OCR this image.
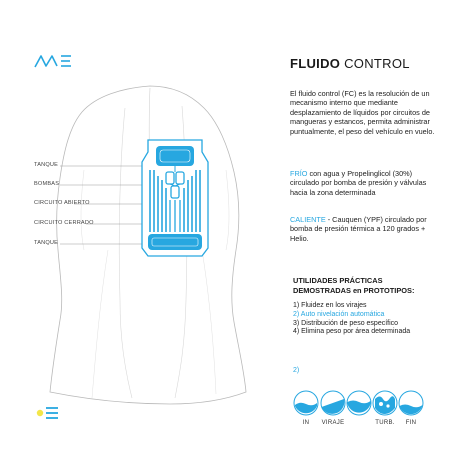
TANQUE
BOMBAS
CIRCUITO ABIERTO
CIRCUITO CERRADO
TANQUE
FLUIDO CONTROL
El fluido control (FC) es la resolución de un mecanismo interno que mediante desplazamiento de líquidos por circuitos de mangueras y estancos, permita administrar puntualmente, el peso del vehículo en vuelo.
FRÍO con agua y Propelinglicol (30%) circulado por bomba de presión y válvulas hacia la zona determinada
CALIENTE - Cauquen (YPF) circulado por bomba de presión térmica a 120 grados + Helio.
UTILIDADES PRÁCTICAS
DEMOSTRADAS en PROTOTIPOS:
1) Fluidez en los virajes
2) Auto nivelación automática
3) Distribución de peso específico
4) Elimina peso por área determinada
2)
IN	VIRAJE	TURB.	FIN
